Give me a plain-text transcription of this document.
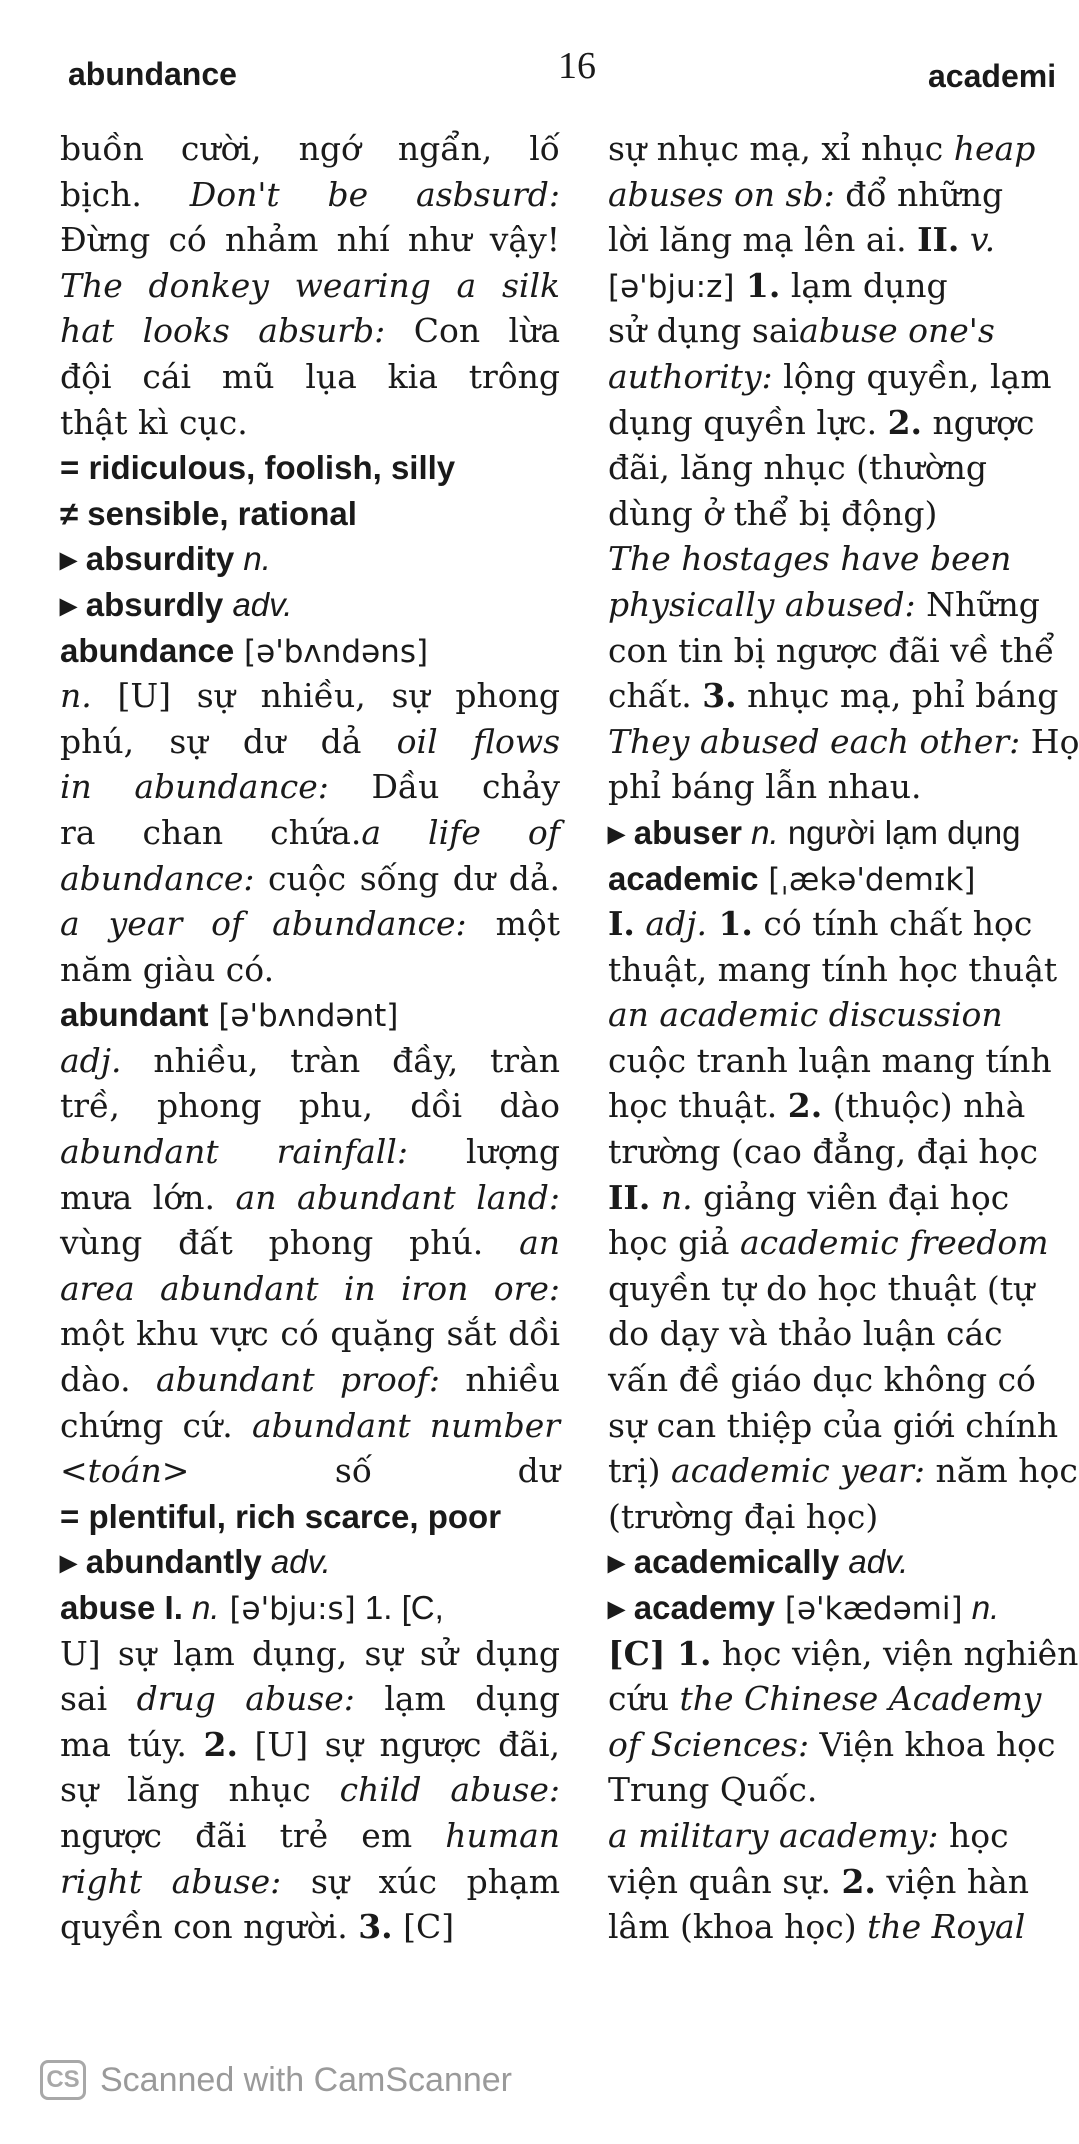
abundance	16	academi
buồn cười, ngớ ngẩn, lố
bịch. Don't be asbsurd:
Đừng có nhảm nhí như vậy!
The donkey wearing a silk
hat looks absurb: Con lừa
đội cái mũ lụa kia trông
thật kì cục.
= ridiculous, foolish, silly
≠ sensible, rational
▸ absurdity n.
▸ absurdly adv.
abundance [ə'bʌndəns]
n. [U] sự nhiều, sự phong
phú, sự dư dả oil flows
in abundance: Dầu chảy
ra chan chứa.a life of
abundance: cuộc sống dư dả.
a year of abundance: một
năm giàu có.
abundant [ə'bʌndənt]
adj. nhiều, tràn đầy, tràn
trề, phong phu, dồi dào
abundant rainfall: lượng
mưa lớn. an abundant land:
vùng đất phong phú. an
area abundant in iron ore:
một khu vực có quặng sắt dồi
dào. abundant proof: nhiều
chứng cứ. abundant number
<toán> số dư
= plentiful, rich scarce, poor
▸ abundantly adv.
abuse I. n. [ə'bju:s] 1. [C,
U] sự lạm dụng, sự sử dụng
sai drug abuse: lạm dụng
ma túy. 2. [U] sự ngược đãi,
sự lăng nhục child abuse:
ngược đãi trẻ em human
right abuse: sự xúc phạm
quyền con người. 3. [C]
sự nhục mạ, xỉ nhục heap
abuses on sb: đổ những
lời lăng mạ lên ai. II. v.
[ə'bju:z] 1. lạm dụng
sử dụng saiabuse one's
authority: lộng quyền, lạm
dụng quyền lực. 2. ngược
đãi, lăng nhục (thường
dùng ở thể bị động)
The hostages have been
physically abused: Những
con tin bị ngược đãi về thể
chất. 3. nhục mạ, phỉ báng
They abused each other: Họ
phỉ báng lẫn nhau.
▸ abuser n. người lạm dụng
academic [ˌækə'demɪk]
I. adj. 1. có tính chất học
thuật, mang tính học thuật
an academic discussion
cuộc tranh luận mang tính
học thuật. 2. (thuộc) nhà
trường (cao đẳng, đại học
II. n. giảng viên đại học
học giả academic freedom
quyền tự do học thuật (tự
do dạy và thảo luận các
vấn đề giáo dục không có
sự can thiệp của giới chính
trị) academic year: năm học
(trường đại học)
▸ academically adv.
▸ academy [ə'kædəmi] n.
[C] 1. học viện, viện nghiên
cứu the Chinese Academy
of Sciences: Viện khoa học
Trung Quốc.
a military academy: học
viện quân sự. 2. viện hàn
lâm (khoa học) the Royal
CS Scanned with CamScanner
